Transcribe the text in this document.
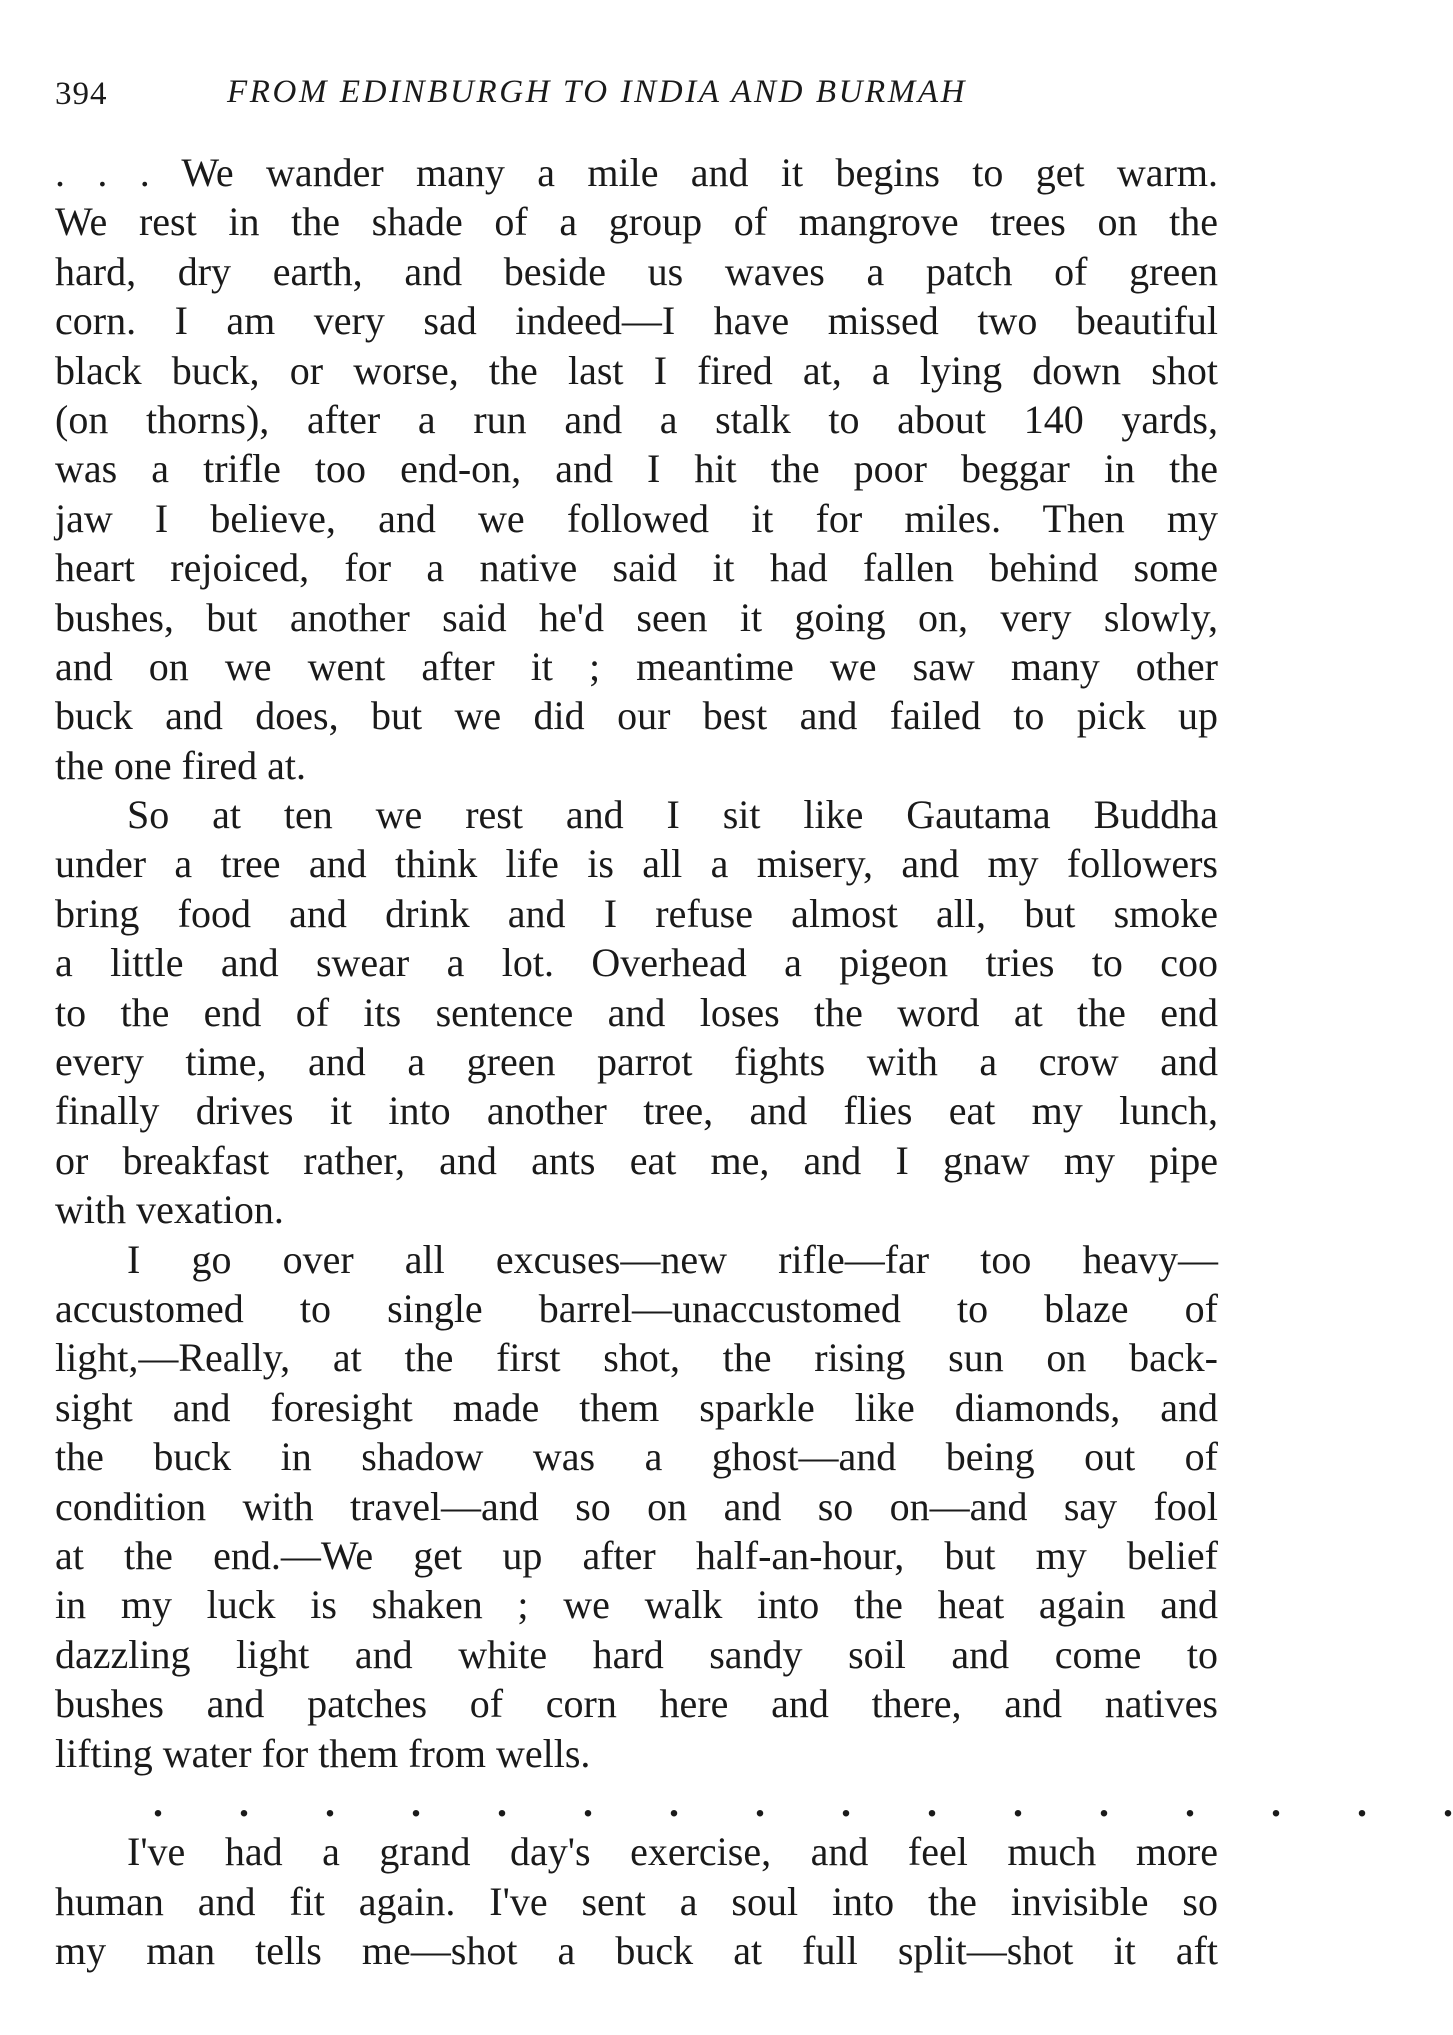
394	FROM EDINBURGH TO INDIA AND BURMAH
. . . We wander many a mile and it begins to get warm.
We rest in the shade of a group of mangrove trees on the
hard, dry earth, and beside us waves a patch of green
corn. I am very sad indeed—I have missed two beautiful
black buck, or worse, the last I fired at, a lying down shot
(on thorns), after a run and a stalk to about 140 yards,
was a trifle too end-on, and I hit the poor beggar in the
jaw I believe, and we followed it for miles. Then my
heart rejoiced, for a native said it had fallen behind some
bushes, but another said he'd seen it going on, very slowly,
and on we went after it ; meantime we saw many other
buck and does, but we did our best and failed to pick up
the one fired at.
So at ten we rest and I sit like Gautama Buddha
under a tree and think life is all a misery, and my followers
bring food and drink and I refuse almost all, but smoke
a little and swear a lot. Overhead a pigeon tries to coo
to the end of its sentence and loses the word at the end
every time, and a green parrot fights with a crow and
finally drives it into another tree, and flies eat my lunch,
or breakfast rather, and ants eat me, and I gnaw my pipe
with vexation.
I go over all excuses—new rifle—far too heavy—
accustomed to single barrel—unaccustomed to blaze of
light,—Really, at the first shot, the rising sun on back-
sight and foresight made them sparkle like diamonds, and
the buck in shadow was a ghost—and being out of
condition with travel—and so on and so on—and say fool
at the end.—We get up after half-an-hour, but my belief
in my luck is shaken ; we walk into the heat again and
dazzling light and white hard sandy soil and come to
bushes and patches of corn here and there, and natives
lifting water for them from wells.
. . . . . . . . . . . . . . . .
I've had a grand day's exercise, and feel much more
human and fit again. I've sent a soul into the invisible so
my man tells me—shot a buck at full split—shot it aft
